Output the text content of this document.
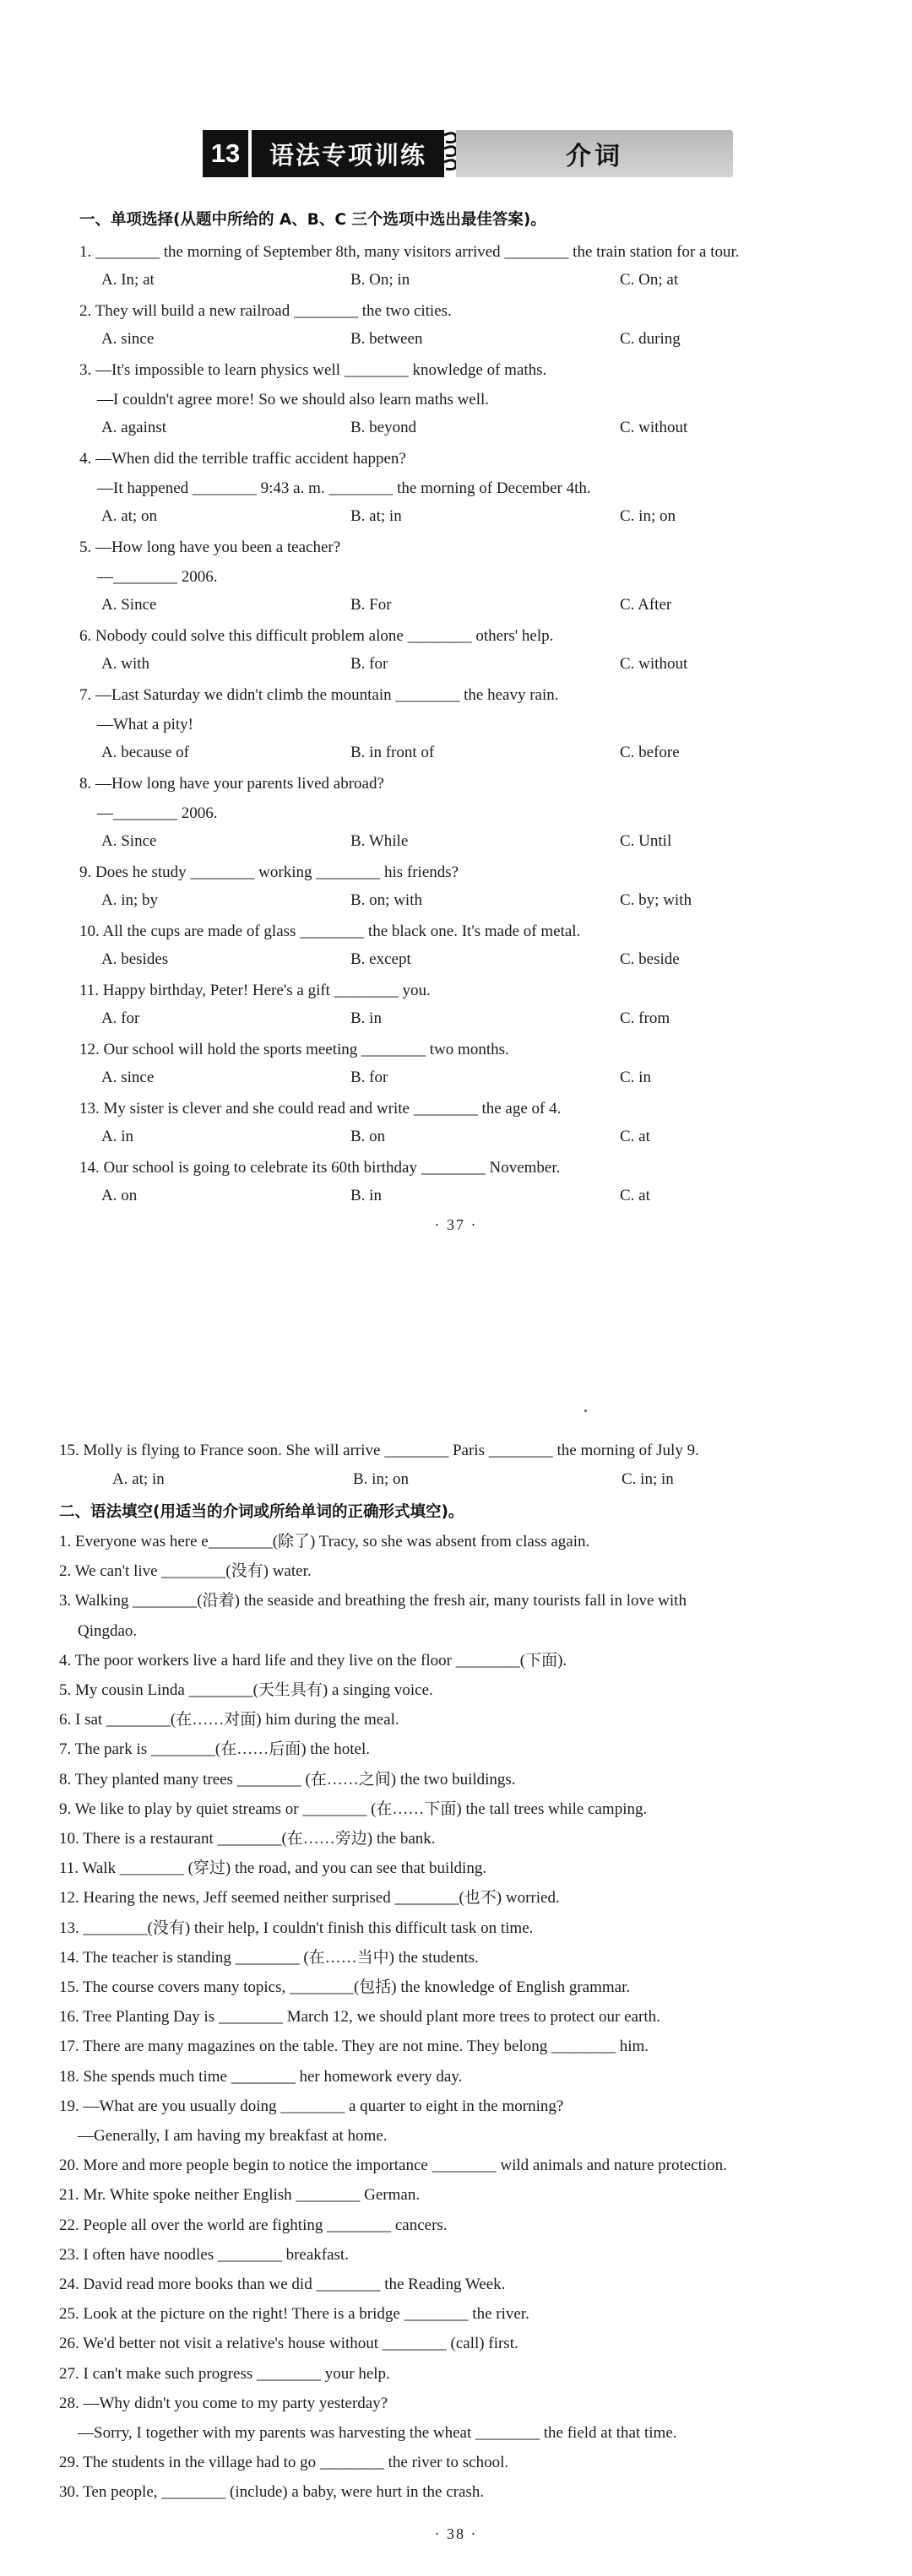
13	语法专项训练	介词
一、单项选择(从题中所给的 A、B、C 三个选项中选出最佳答案)。
1. ________ the morning of September 8th, many visitors arrived ________ the train station for a tour.
A. In; at	B. On; in	C. On; at
2. They will build a new railroad ________ the two cities.
A. since	B. between	C. during
3. —It's impossible to learn physics well ________ knowledge of maths.
—I couldn't agree more! So we should also learn maths well.
A. against	B. beyond	C. without
4. —When did the terrible traffic accident happen?
—It happened ________ 9:43 a. m. ________ the morning of December 4th.
A. at; on	B. at; in	C. in; on
5. —How long have you been a teacher?
—________ 2006.
A. Since	B. For	C. After
6. Nobody could solve this difficult problem alone ________ others' help.
A. with	B. for	C. without
7. —Last Saturday we didn't climb the mountain ________ the heavy rain.
—What a pity!
A. because of	B. in front of	C. before
8. —How long have your parents lived abroad?
—________ 2006.
A. Since	B. While	C. Until
9. Does he study ________ working ________ his friends?
A. in; by	B. on; with	C. by; with
10. All the cups are made of glass ________ the black one. It's made of metal.
A. besides	B. except	C. beside
11. Happy birthday, Peter! Here's a gift ________ you.
A. for	B. in	C. from
12. Our school will hold the sports meeting ________ two months.
A. since	B. for	C. in
13. My sister is clever and she could read and write ________ the age of 4.
A. in	B. on	C. at
14. Our school is going to celebrate its 60th birthday ________ November.
A. on	B. in	C. at
· 37 ·
15. Molly is flying to France soon. She will arrive ________ Paris ________ the morning of July 9.
A. at; in	B. in; on	C. in; in
二、语法填空(用适当的介词或所给单词的正确形式填空)。
1. Everyone was here e________(除了) Tracy, so she was absent from class again.
2. We can't live ________(没有) water.
3. Walking ________(沿着) the seaside and breathing the fresh air, many tourists fall in love with
Qingdao.
4. The poor workers live a hard life and they live on the floor ________(下面).
5. My cousin Linda ________(天生具有) a singing voice.
6. I sat ________(在……对面) him during the meal.
7. The park is ________(在……后面) the hotel.
8. They planted many trees ________ (在……之间) the two buildings.
9. We like to play by quiet streams or ________ (在……下面) the tall trees while camping.
10. There is a restaurant ________(在……旁边) the bank.
11. Walk ________ (穿过) the road, and you can see that building.
12. Hearing the news, Jeff seemed neither surprised ________(也不) worried.
13. ________(没有) their help, I couldn't finish this difficult task on time.
14. The teacher is standing ________ (在……当中) the students.
15. The course covers many topics, ________(包括) the knowledge of English grammar.
16. Tree Planting Day is ________ March 12, we should plant more trees to protect our earth.
17. There are many magazines on the table. They are not mine. They belong ________ him.
18. She spends much time ________ her homework every day.
19. —What are you usually doing ________ a quarter to eight in the morning?
—Generally, I am having my breakfast at home.
20. More and more people begin to notice the importance ________ wild animals and nature protection.
21. Mr. White spoke neither English ________ German.
22. People all over the world are fighting ________ cancers.
23. I often have noodles ________ breakfast.
24. David read more books than we did ________ the Reading Week.
25. Look at the picture on the right! There is a bridge ________ the river.
26. We'd better not visit a relative's house without ________ (call) first.
27. I can't make such progress ________ your help.
28. —Why didn't you come to my party yesterday?
—Sorry, I together with my parents was harvesting the wheat ________ the field at that time.
29. The students in the village had to go ________ the river to school.
30. Ten people, ________ (include) a baby, were hurt in the crash.
· 38 ·
